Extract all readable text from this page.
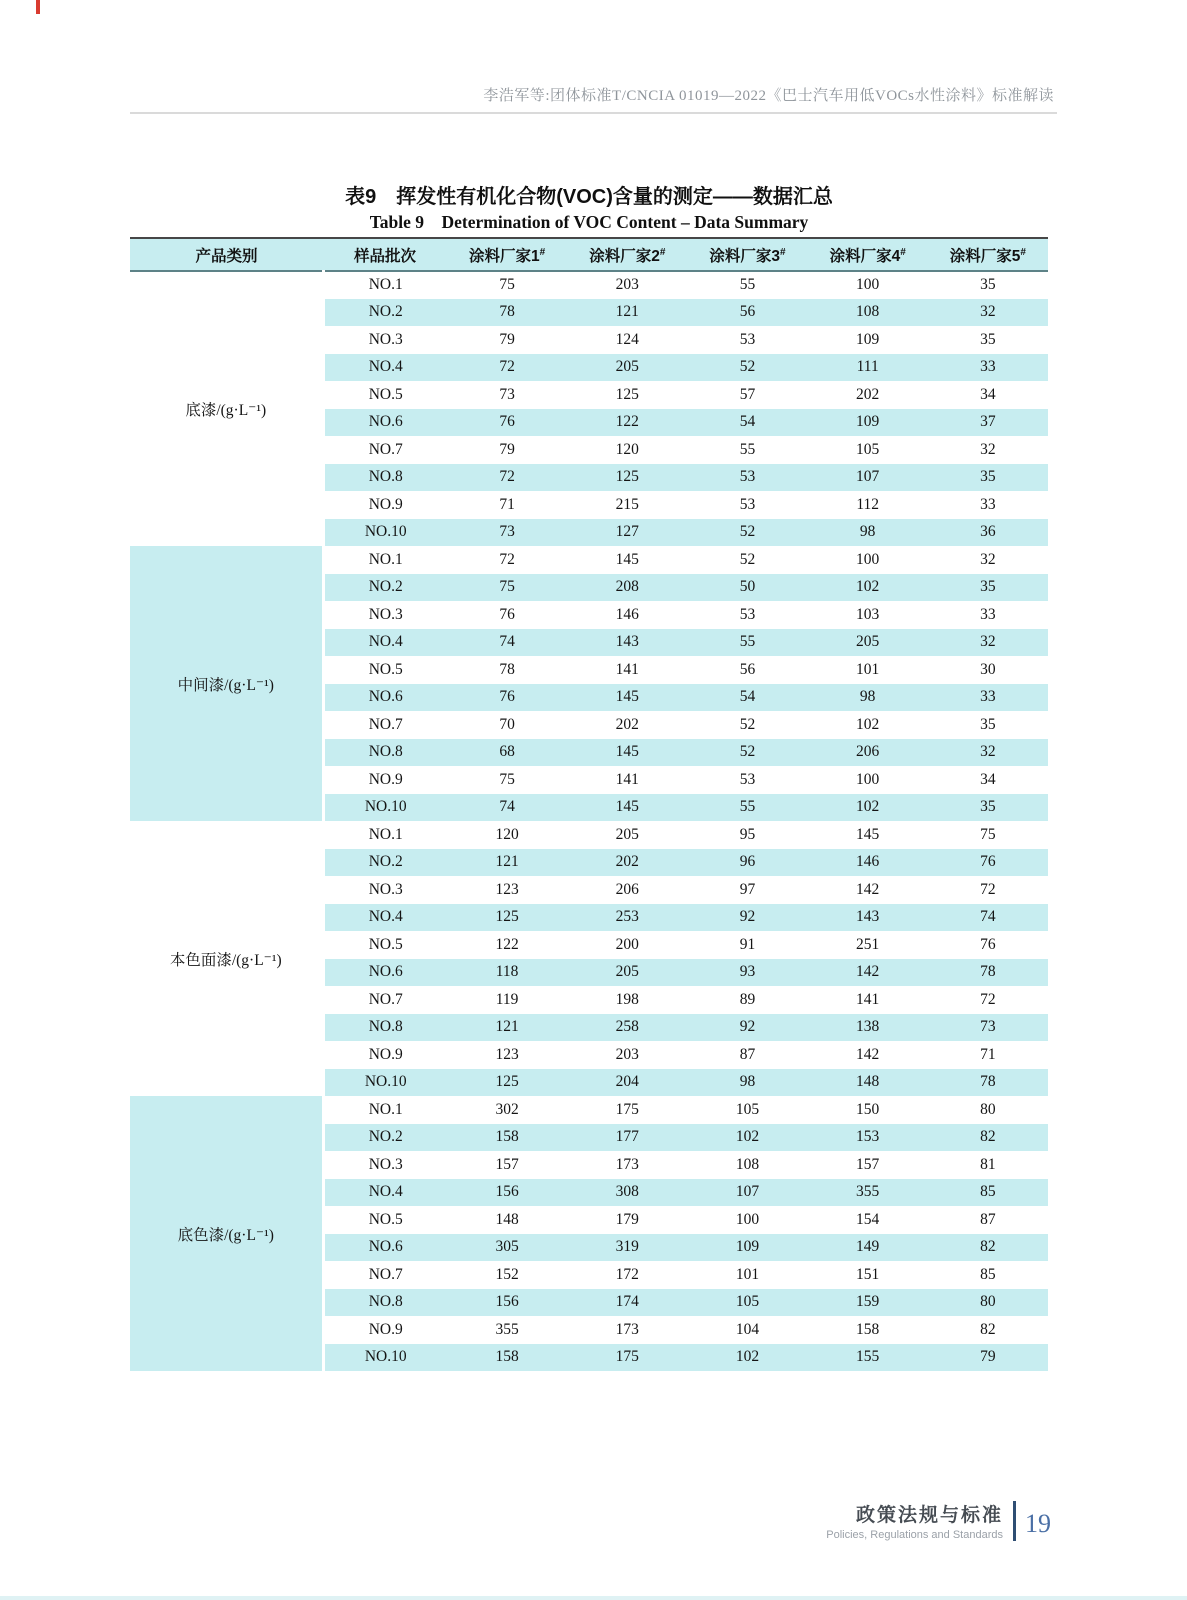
李浩军等:团体标准T/CNCIA 01019—2022《巴士汽车用低VOCs水性涂料》标准解读
表9　挥发性有机化合物(VOC)含量的测定——数据汇总
Table 9　Determination of VOC Content – Data Summary
产品类别	样品批次	涂料厂家1#	涂料厂家2#	涂料厂家3#	涂料厂家4#	涂料厂家5#
底漆/(g·L⁻¹)	NO.1	75	203	55	100	35
	NO.2	78	121	56	108	32
	NO.3	79	124	53	109	35
	NO.4	72	205	52	111	33
	NO.5	73	125	57	202	34
	NO.6	76	122	54	109	37
	NO.7	79	120	55	105	32
	NO.8	72	125	53	107	35
	NO.9	71	215	53	112	33
	NO.10	73	127	52	98	36
中间漆/(g·L⁻¹)	NO.1	72	145	52	100	32
	NO.2	75	208	50	102	35
	NO.3	76	146	53	103	33
	NO.4	74	143	55	205	32
	NO.5	78	141	56	101	30
	NO.6	76	145	54	98	33
	NO.7	70	202	52	102	35
	NO.8	68	145	52	206	32
	NO.9	75	141	53	100	34
	NO.10	74	145	55	102	35
本色面漆/(g·L⁻¹)	NO.1	120	205	95	145	75
	NO.2	121	202	96	146	76
	NO.3	123	206	97	142	72
	NO.4	125	253	92	143	74
	NO.5	122	200	91	251	76
	NO.6	118	205	93	142	78
	NO.7	119	198	89	141	72
	NO.8	121	258	92	138	73
	NO.9	123	203	87	142	71
	NO.10	125	204	98	148	78
底色漆/(g·L⁻¹)	NO.1	302	175	105	150	80
	NO.2	158	177	102	153	82
	NO.3	157	173	108	157	81
	NO.4	156	308	107	355	85
	NO.5	148	179	100	154	87
	NO.6	305	319	109	149	82
	NO.7	152	172	101	151	85
	NO.8	156	174	105	159	80
	NO.9	355	173	104	158	82
	NO.10	158	175	102	155	79
政策法规与标准
Policies, Regulations and Standards 19
